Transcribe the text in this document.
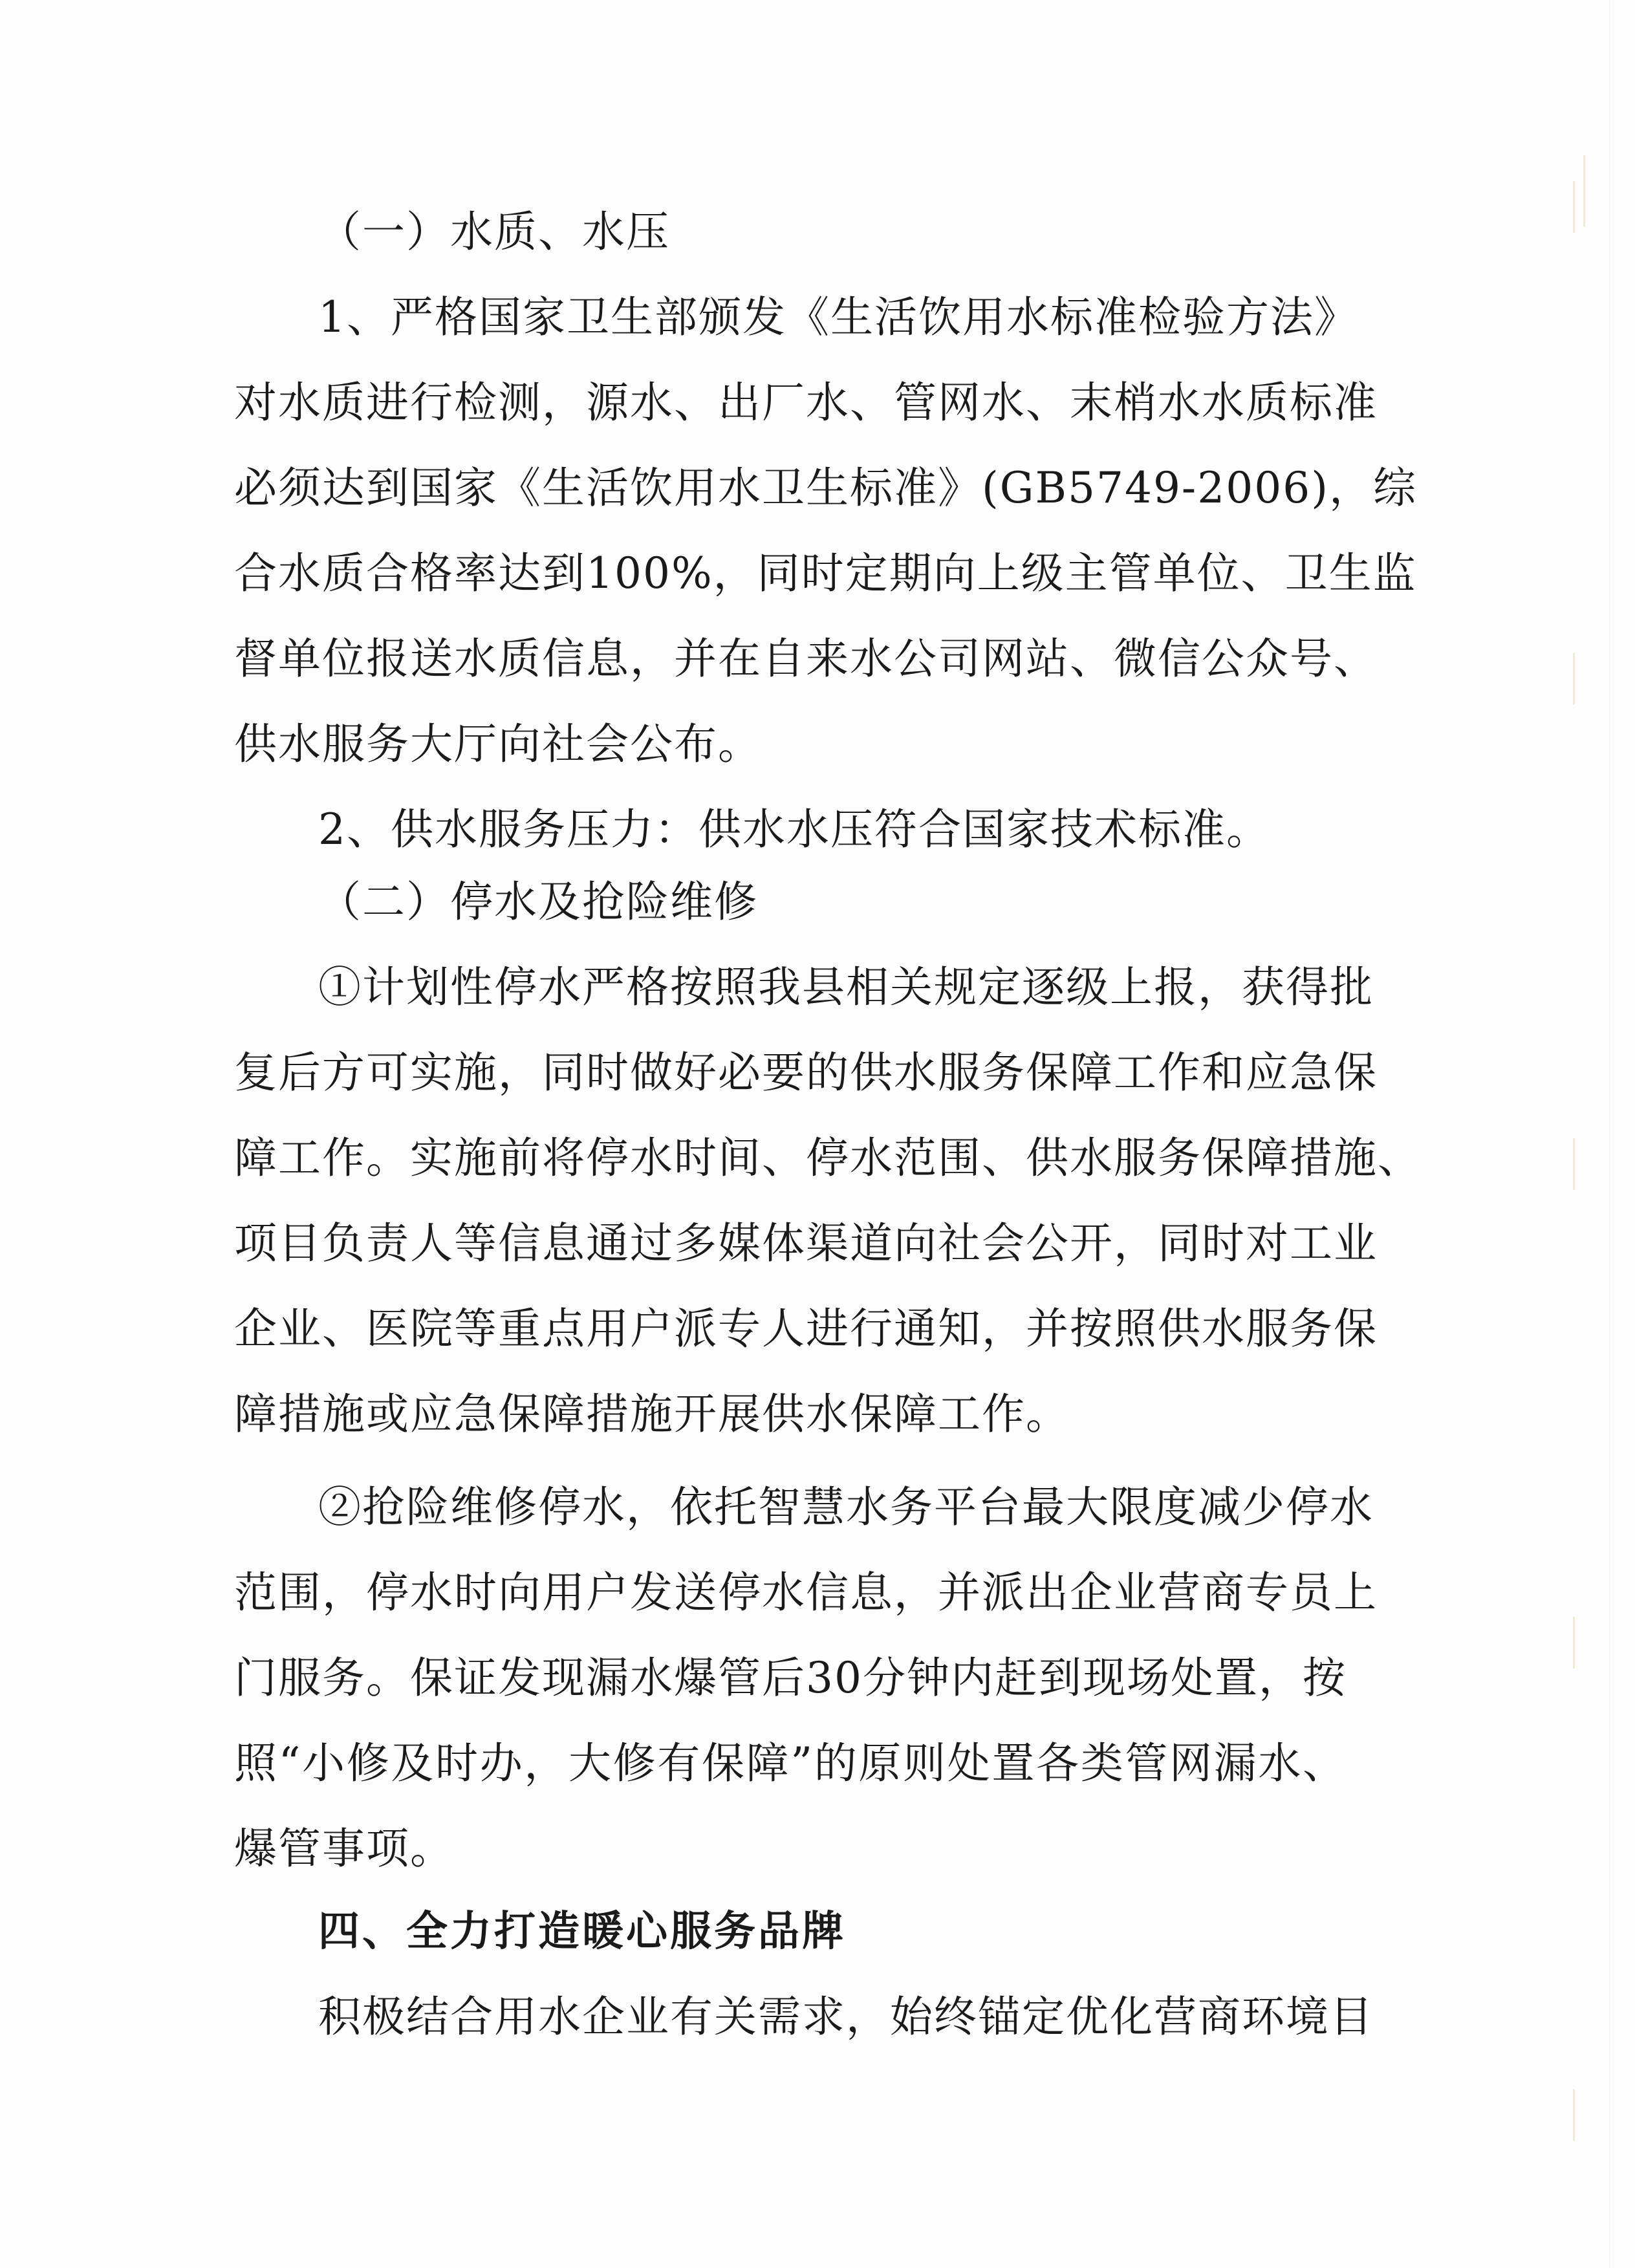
（一）水质、水压
1、严格国家卫生部颁发《生活饮用水标准检验方法》
对水质进行检测，源水、出厂水、管网水、末梢水水质标准
必须达到国家《生活饮用水卫生标准》(GB5749-2006)，综
合水质合格率达到100%，同时定期向上级主管单位、卫生监
督单位报送水质信息，并在自来水公司网站、微信公众号、
供水服务大厅向社会公布。
2、供水服务压力：供水水压符合国家技术标准。
（二）停水及抢险维修
①计划性停水严格按照我县相关规定逐级上报，获得批
复后方可实施，同时做好必要的供水服务保障工作和应急保
障工作。实施前将停水时间、停水范围、供水服务保障措施、
项目负责人等信息通过多媒体渠道向社会公开，同时对工业
企业、医院等重点用户派专人进行通知，并按照供水服务保
障措施或应急保障措施开展供水保障工作。
②抢险维修停水，依托智慧水务平台最大限度减少停水
范围，停水时向用户发送停水信息，并派出企业营商专员上
门服务。保证发现漏水爆管后30分钟内赶到现场处置，按
照“小修及时办，大修有保障”的原则处置各类管网漏水、
爆管事项。
四、全力打造暖心服务品牌
积极结合用水企业有关需求，始终锚定优化营商环境目
